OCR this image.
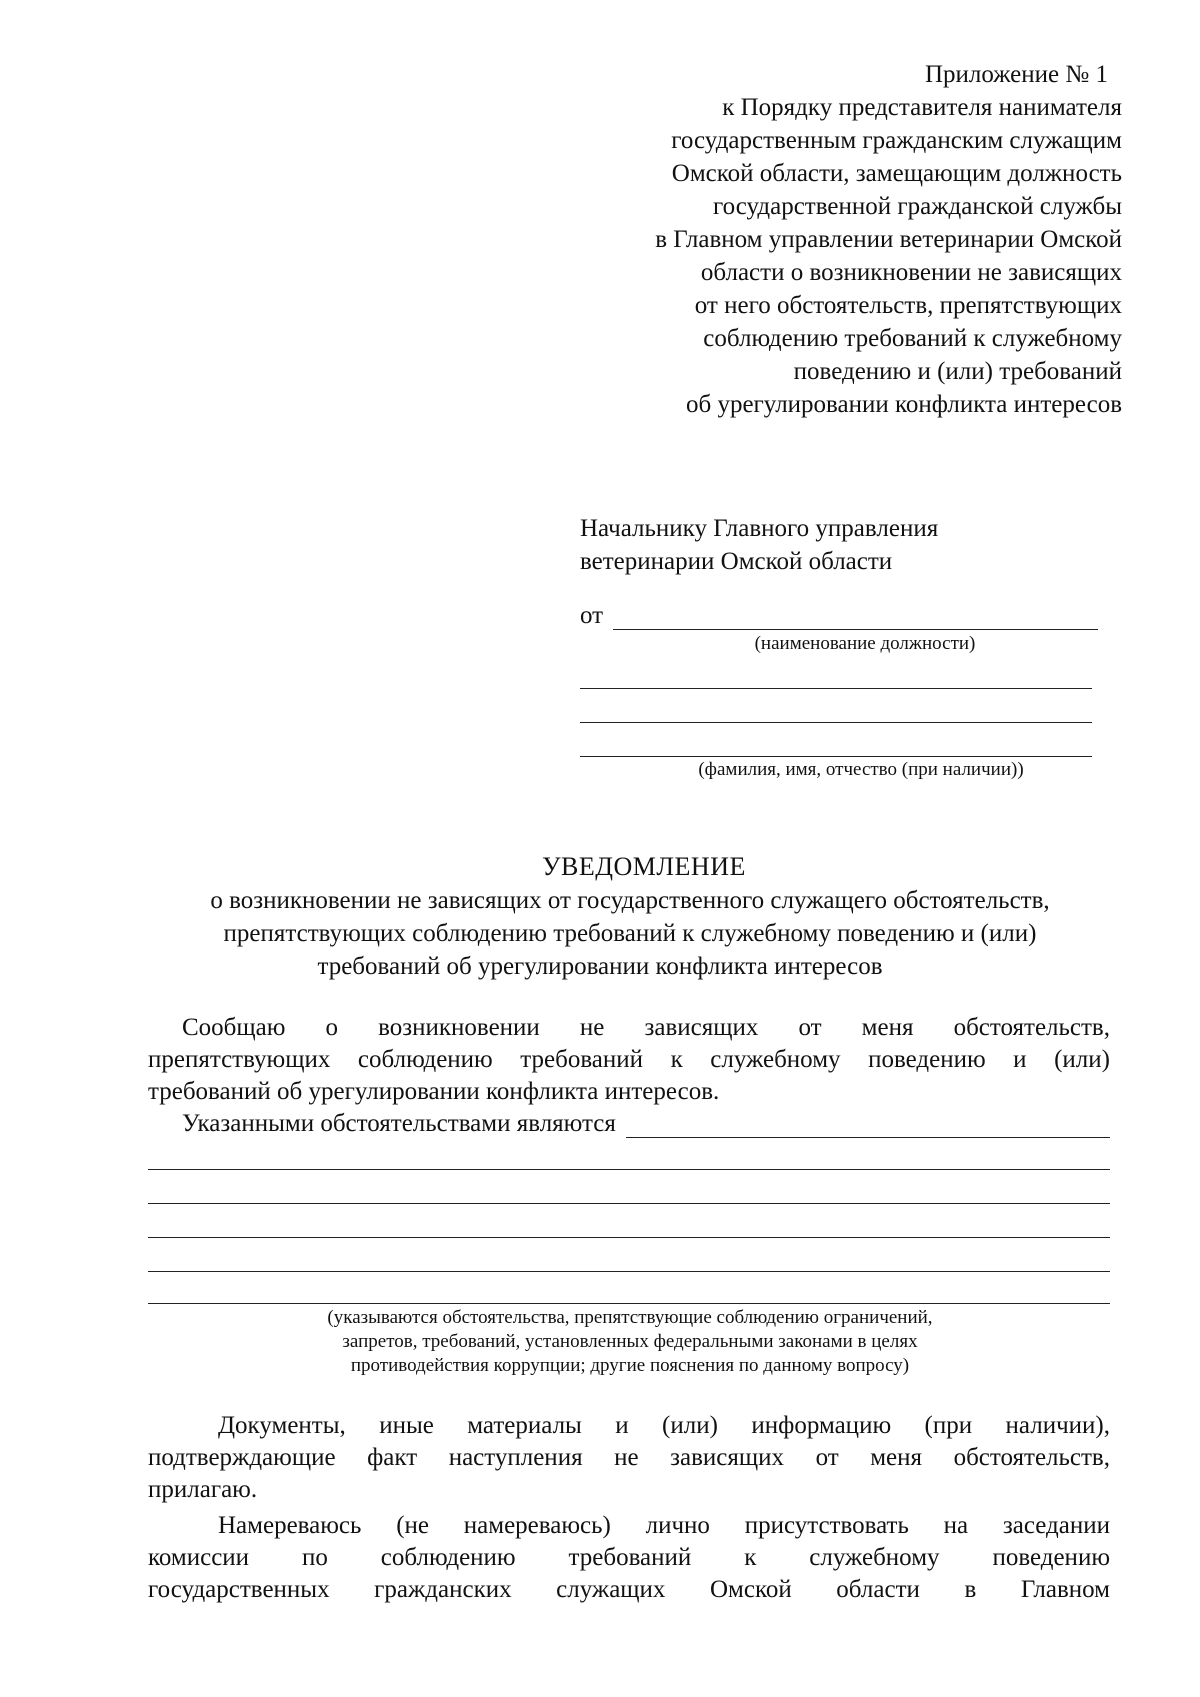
Приложение № 1
к Порядку представителя нанимателя
государственным гражданским служащим
Омской области, замещающим должность
государственной гражданской службы
в Главном управлении ветеринарии Омской
области о возникновении не зависящих
от него обстоятельств, препятствующих
соблюдению требований к служебному
поведению и (или) требований
об урегулировании конфликта интересов
Начальнику Главного управления
ветеринарии Омской области
от
(наименование должности)
(фамилия, имя, отчество (при наличии))
УВЕДОМЛЕНИЕ
о возникновении не зависящих от государственного служащего обстоятельств,
препятствующих соблюдению требований к служебному поведению и (или)
требований об урегулировании конфликта интересов
Сообщаю о возникновении не зависящих от меня обстоятельств,
препятствующих соблюдению требований к служебному поведению и (или)
требований об урегулировании конфликта интересов.
Указанными обстоятельствами являются
(указываются обстоятельства, препятствующие соблюдению ограничений,
запретов, требований, установленных федеральными законами в целях
противодействия коррупции; другие пояснения по данному вопросу)
Документы, иные материалы и (или) информацию (при наличии),
подтверждающие факт наступления не зависящих от меня обстоятельств,
прилагаю.
Намереваюсь (не намереваюсь) лично присутствовать на заседании
комиссии по соблюдению требований к служебному поведению
государственных гражданских служащих Омской области в Главном
